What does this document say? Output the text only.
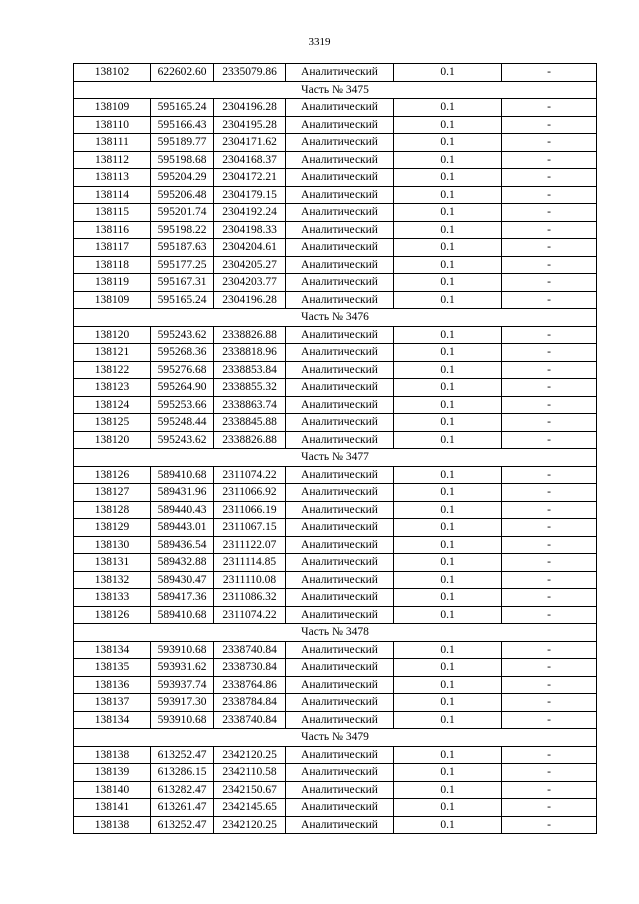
3319
138102	622602.60	2335079.86	Аналитический	0.1	-
Часть № 3475					
138109	595165.24	2304196.28	Аналитический	0.1	-
138110	595166.43	2304195.28	Аналитический	0.1	-
138111	595189.77	2304171.62	Аналитический	0.1	-
138112	595198.68	2304168.37	Аналитический	0.1	-
138113	595204.29	2304172.21	Аналитический	0.1	-
138114	595206.48	2304179.15	Аналитический	0.1	-
138115	595201.74	2304192.24	Аналитический	0.1	-
138116	595198.22	2304198.33	Аналитический	0.1	-
138117	595187.63	2304204.61	Аналитический	0.1	-
138118	595177.25	2304205.27	Аналитический	0.1	-
138119	595167.31	2304203.77	Аналитический	0.1	-
138109	595165.24	2304196.28	Аналитический	0.1	-
Часть № 3476					
138120	595243.62	2338826.88	Аналитический	0.1	-
138121	595268.36	2338818.96	Аналитический	0.1	-
138122	595276.68	2338853.84	Аналитический	0.1	-
138123	595264.90	2338855.32	Аналитический	0.1	-
138124	595253.66	2338863.74	Аналитический	0.1	-
138125	595248.44	2338845.88	Аналитический	0.1	-
138120	595243.62	2338826.88	Аналитический	0.1	-
Часть № 3477					
138126	589410.68	2311074.22	Аналитический	0.1	-
138127	589431.96	2311066.92	Аналитический	0.1	-
138128	589440.43	2311066.19	Аналитический	0.1	-
138129	589443.01	2311067.15	Аналитический	0.1	-
138130	589436.54	2311122.07	Аналитический	0.1	-
138131	589432.88	2311114.85	Аналитический	0.1	-
138132	589430.47	2311110.08	Аналитический	0.1	-
138133	589417.36	2311086.32	Аналитический	0.1	-
138126	589410.68	2311074.22	Аналитический	0.1	-
Часть № 3478					
138134	593910.68	2338740.84	Аналитический	0.1	-
138135	593931.62	2338730.84	Аналитический	0.1	-
138136	593937.74	2338764.86	Аналитический	0.1	-
138137	593917.30	2338784.84	Аналитический	0.1	-
138134	593910.68	2338740.84	Аналитический	0.1	-
Часть № 3479					
138138	613252.47	2342120.25	Аналитический	0.1	-
138139	613286.15	2342110.58	Аналитический	0.1	-
138140	613282.47	2342150.67	Аналитический	0.1	-
138141	613261.47	2342145.65	Аналитический	0.1	-
138138	613252.47	2342120.25	Аналитический	0.1	-
